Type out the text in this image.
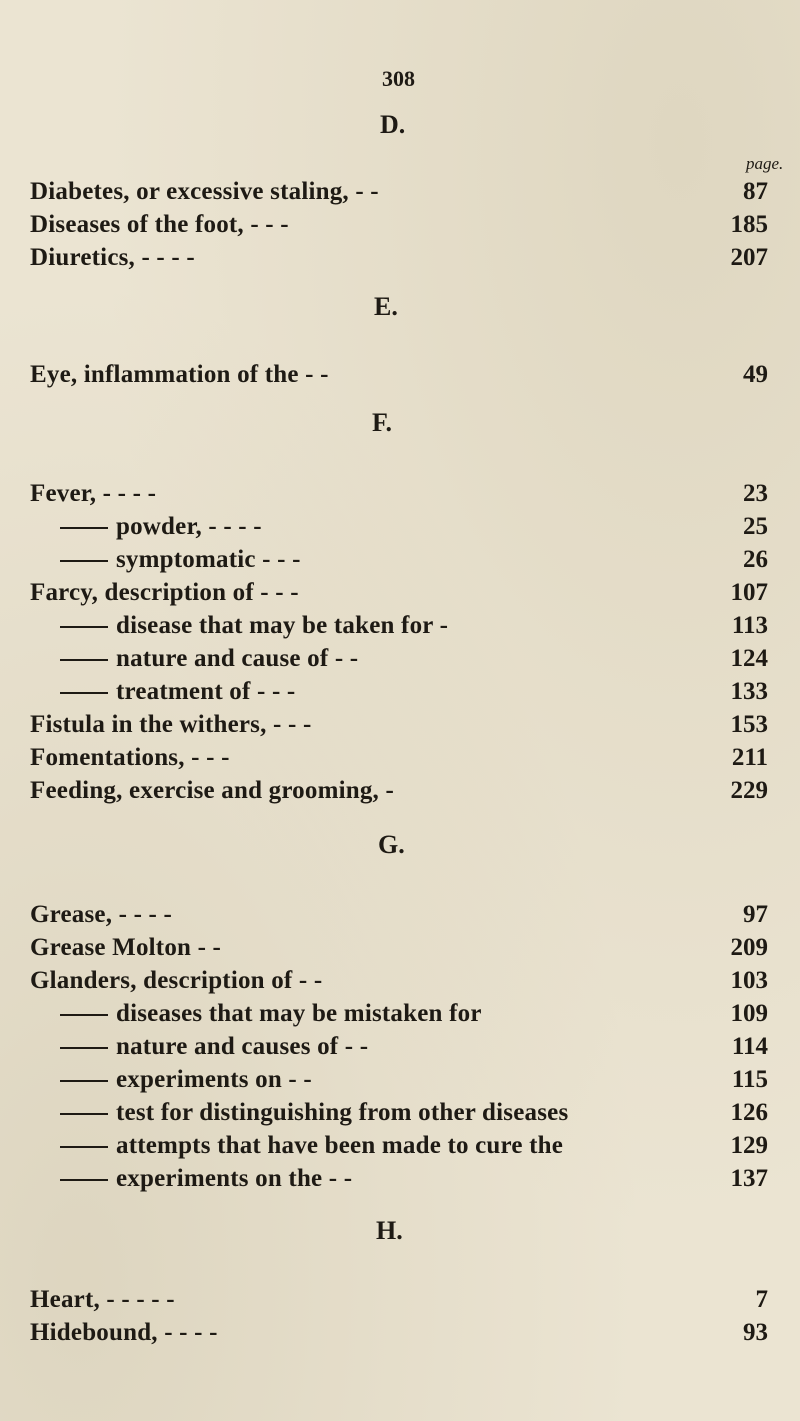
308
D.
page.
Diabetes, or excessive staling, - -	87
Diseases of the foot, - - -	185
Diuretics, - - - -	207
E.
Eye, inflammation of the - -	49
F.
Fever, - - - -	23
powder, - - - -	25
symptomatic - - -	26
Farcy, description of - - -	107
disease that may be taken for -	113
nature and cause of - -	124
treatment of - - -	133
Fistula in the withers, - - -	153
Fomentations, - - -	211
Feeding, exercise and grooming, -	229
G.
Grease, - - - -	97
Grease Molton - -	209
Glanders, description of - -	103
diseases that may be mistaken for	109
nature and causes of - -	114
experiments on - -	115
test for distinguishing from other diseases	126
attempts that have been made to cure the	129
experiments on the - -	137
H.
Heart, - - - - -	7
Hidebound, - - - -	93
